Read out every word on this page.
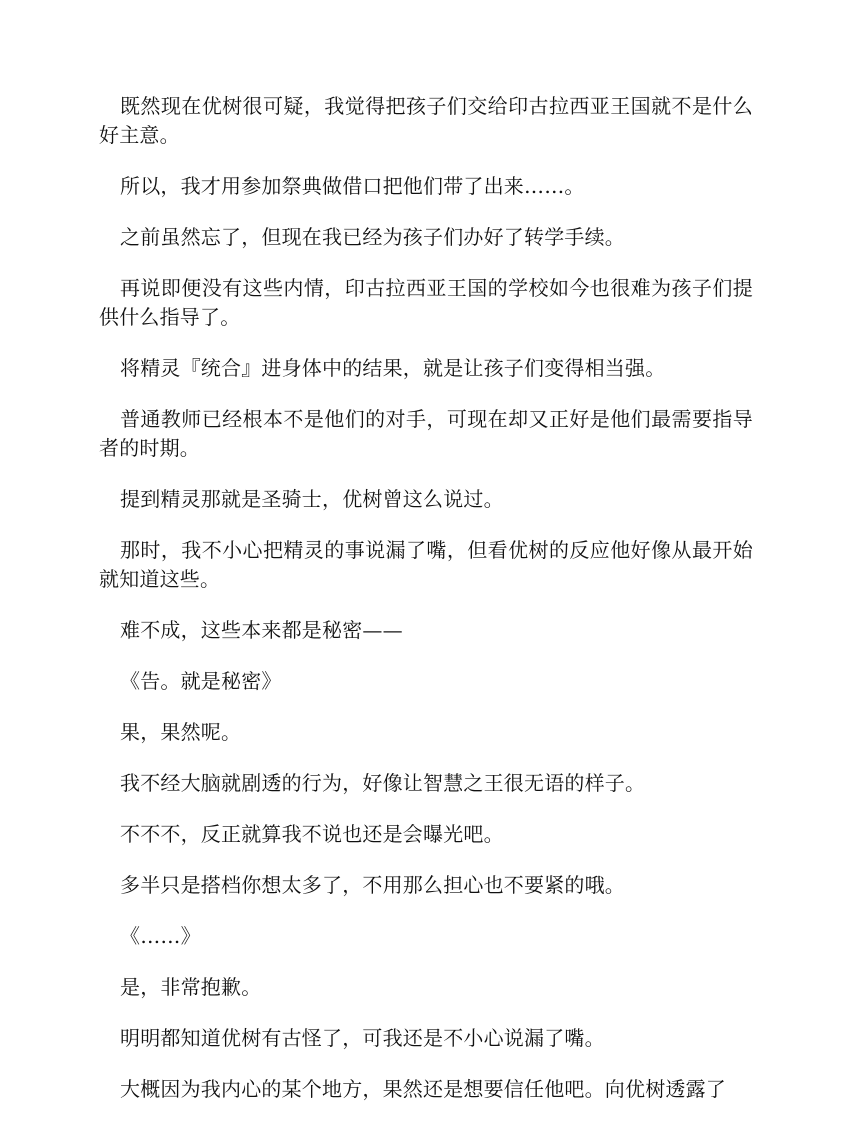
既然现在优树很可疑，我觉得把孩子们交给印古拉西亚王国就不是什么好主意。

所以，我才用参加祭典做借口把他们带了出来……。

之前虽然忘了，但现在我已经为孩子们办好了转学手续。

再说即便没有这些内情，印古拉西亚王国的学校如今也很难为孩子们提供什么指导了。

将精灵『统合』进身体中的结果，就是让孩子们变得相当强。

普通教师已经根本不是他们的对手，可现在却又正好是他们最需要指导者的时期。

提到精灵那就是圣骑士，优树曾这么说过。

那时，我不小心把精灵的事说漏了嘴，但看优树的反应他好像从最开始就知道这些。

难不成，这些本来都是秘密——

《告。就是秘密》

果，果然呢。

我不经大脑就剧透的行为，好像让智慧之王很无语的样子。

不不不，反正就算我不说也还是会曝光吧。

多半只是搭档你想太多了，不用那么担心也不要紧的哦。

《……》

是，非常抱歉。

明明都知道优树有古怪了，可我还是不小心说漏了嘴。

大概因为我内心的某个地方，果然还是想要信任他吧。向优树透露了
